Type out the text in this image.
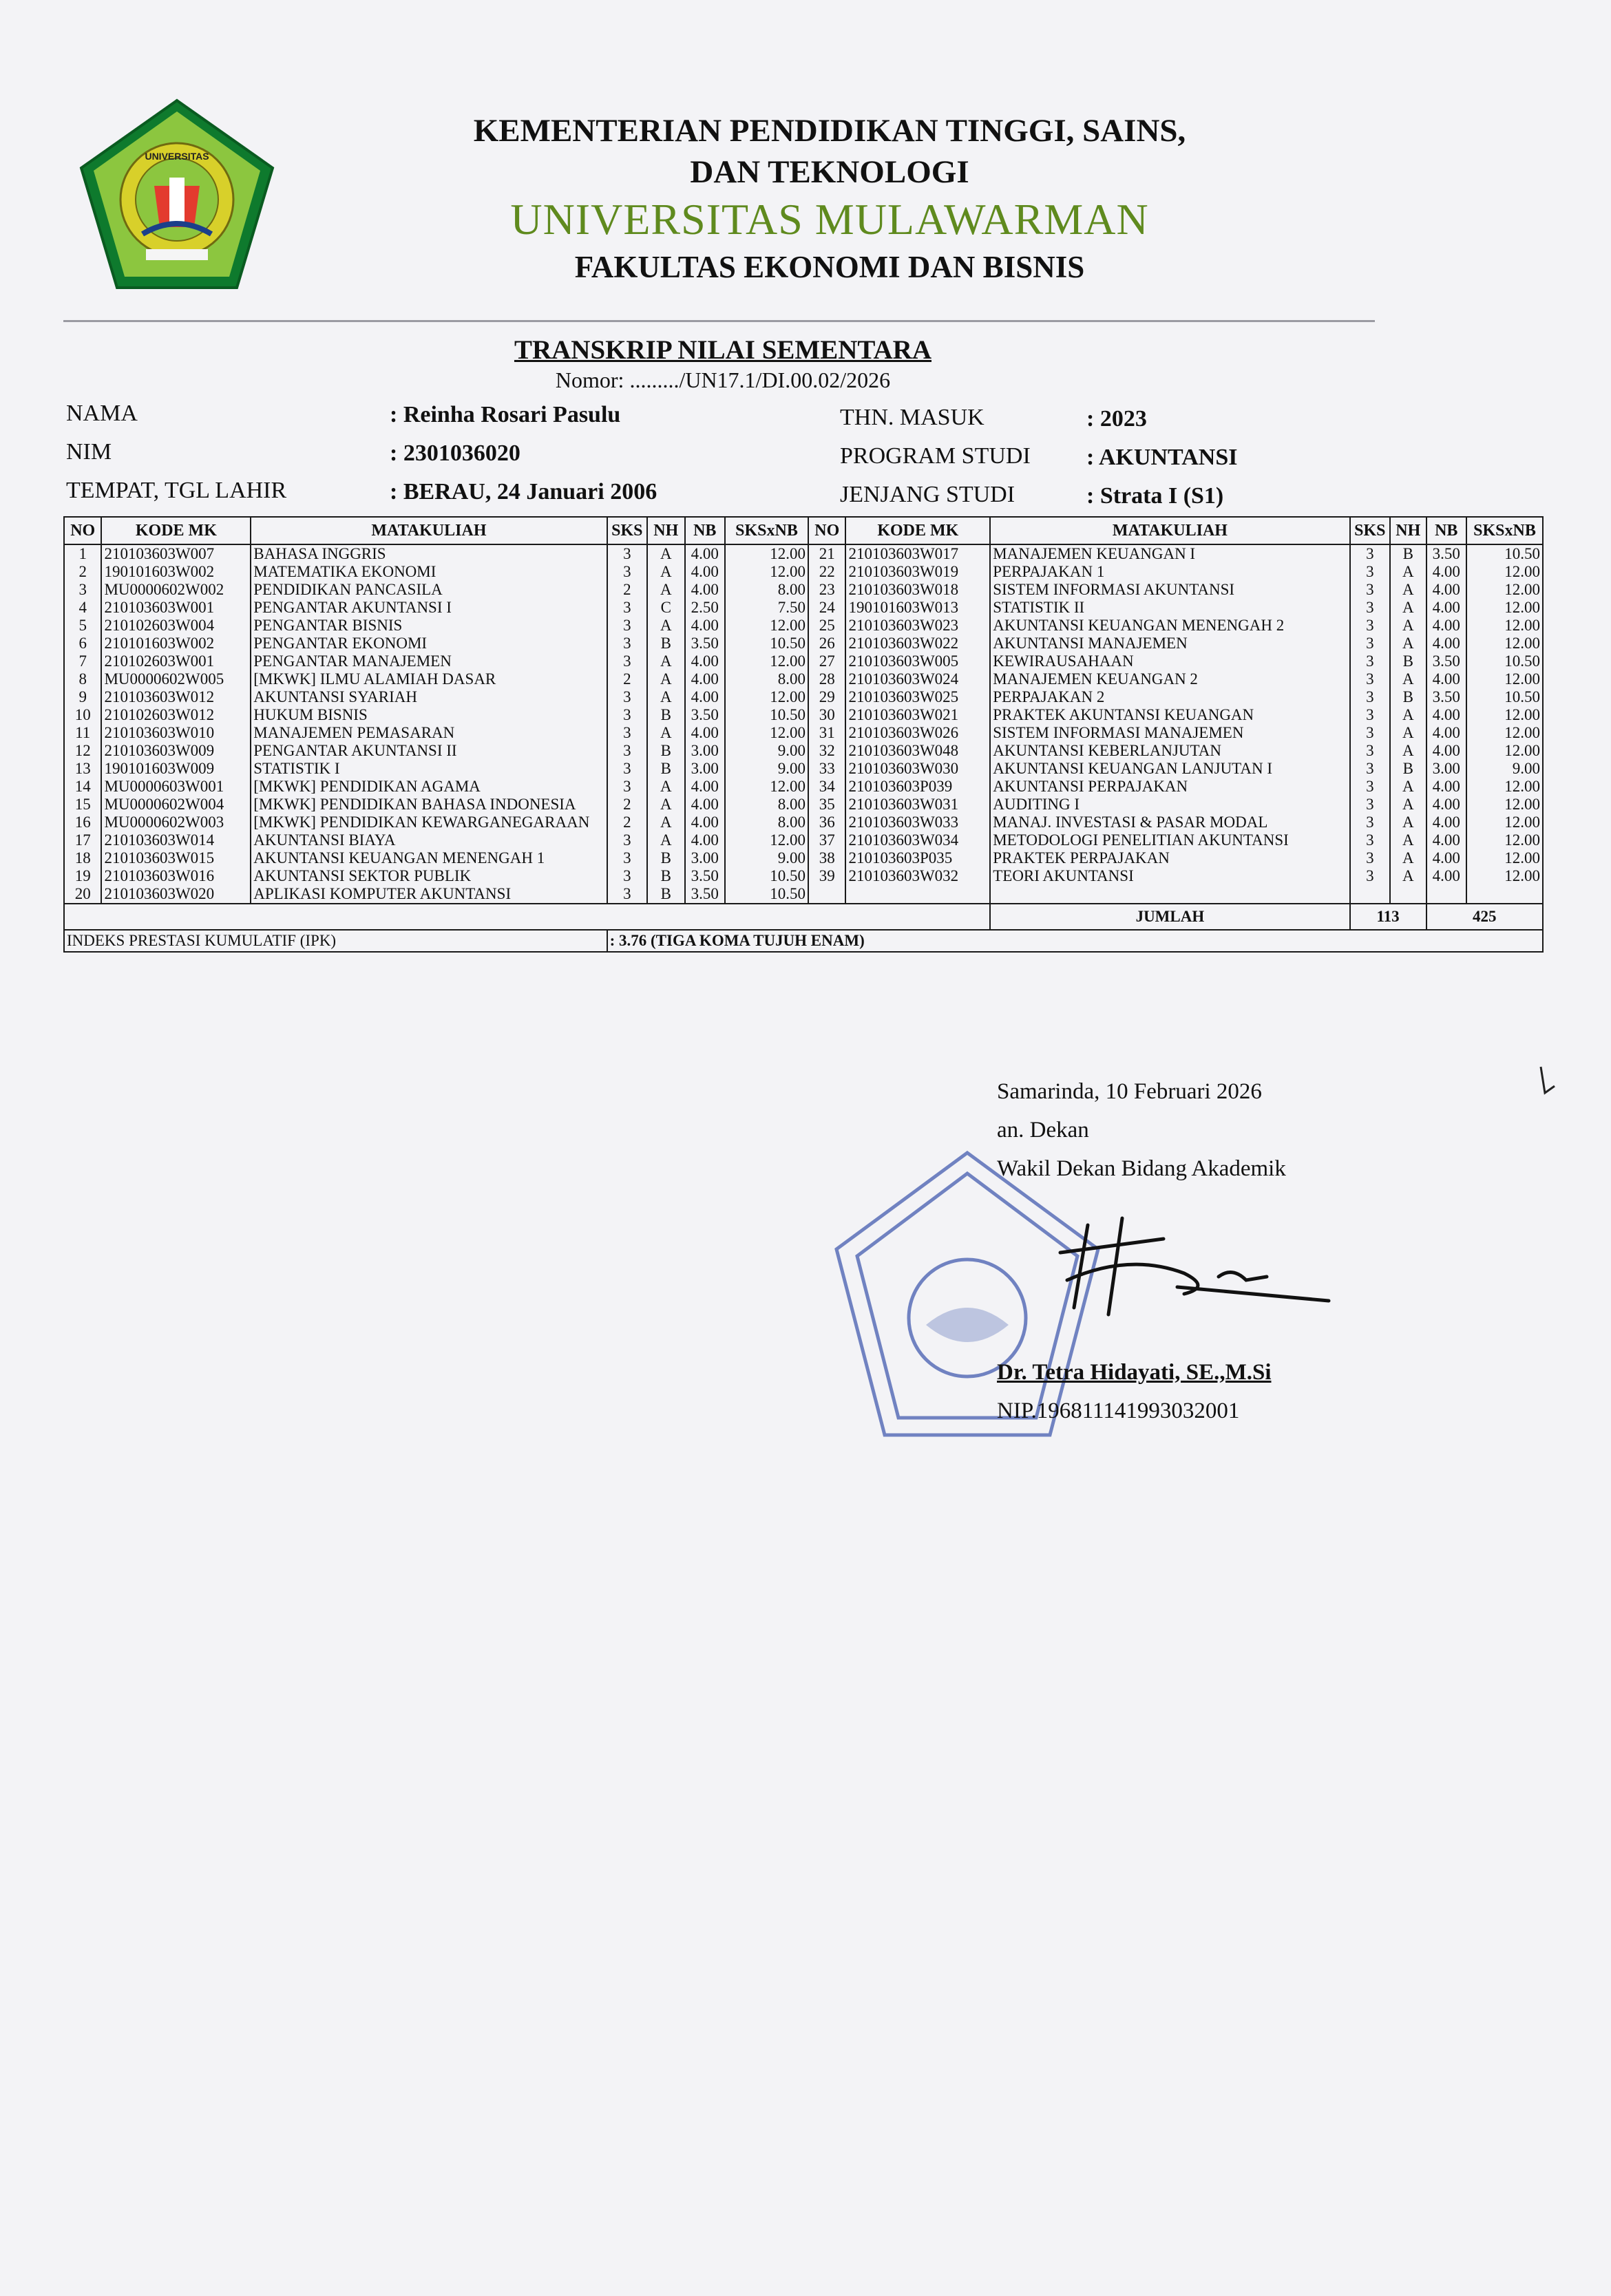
UNIVERSITAS
KEMENTERIAN PENDIDIKAN TINGGI, SAINS,
DAN TEKNOLOGI
UNIVERSITAS MULAWARMAN
FAKULTAS EKONOMI DAN BISNIS
TRANSKRIP NILAI SEMENTARA
Nomor: ........./UN17.1/DI.00.02/2026
NAMA	: Reinha Rosari Pasulu
NIM	: 2301036020
TEMPAT, TGL LAHIR	: BERAU, 24 Januari 2006
THN. MASUK	: 2023
PROGRAM STUDI : AKUNTANSI
JENJANG STUDI	: Strata I (S1)
NO	KODE MK	MATAKULIAH	SKS	NH	NB	SKSxNB	NO	KODE MK	MATAKULIAH	SKS	NH	NB	SKSxNB
1	210103603W007	BAHASA INGGRIS	3	A	4.00	12.00	21	210103603W017	MANAJEMEN KEUANGAN I	3	B	3.50	10.50
2	190101603W002	MATEMATIKA EKONOMI	3	A	4.00	12.00	22	210103603W019	PERPAJAKAN 1	3	A	4.00	12.00
3	MU0000602W002	PENDIDIKAN PANCASILA	2	A	4.00	8.00	23	210103603W018	SISTEM INFORMASI AKUNTANSI	3	A	4.00	12.00
4	210103603W001	PENGANTAR AKUNTANSI I	3	C	2.50	7.50	24	190101603W013	STATISTIK II	3	A	4.00	12.00
5	210102603W004	PENGANTAR BISNIS	3	A	4.00	12.00	25	210103603W023	AKUNTANSI KEUANGAN MENENGAH 2	3	A	4.00	12.00
6	210101603W002	PENGANTAR EKONOMI	3	B	3.50	10.50	26	210103603W022	AKUNTANSI MANAJEMEN	3	A	4.00	12.00
7	210102603W001	PENGANTAR MANAJEMEN	3	A	4.00	12.00	27	210103603W005	KEWIRAUSAHAAN	3	B	3.50	10.50
8	MU0000602W005	[MKWK] ILMU ALAMIAH DASAR	2	A	4.00	8.00	28	210103603W024	MANAJEMEN KEUANGAN 2	3	A	4.00	12.00
9	210103603W012	AKUNTANSI SYARIAH	3	A	4.00	12.00	29	210103603W025	PERPAJAKAN 2	3	B	3.50	10.50
10	210102603W012	HUKUM BISNIS	3	B	3.50	10.50	30	210103603W021	PRAKTEK AKUNTANSI KEUANGAN	3	A	4.00	12.00
11	210103603W010	MANAJEMEN PEMASARAN	3	A	4.00	12.00	31	210103603W026	SISTEM INFORMASI MANAJEMEN	3	A	4.00	12.00
12	210103603W009	PENGANTAR AKUNTANSI II	3	B	3.00	9.00	32	210103603W048	AKUNTANSI KEBERLANJUTAN	3	A	4.00	12.00
13	190101603W009	STATISTIK I	3	B	3.00	9.00	33	210103603W030	AKUNTANSI KEUANGAN LANJUTAN I	3	B	3.00	9.00
14	MU0000603W001	[MKWK] PENDIDIKAN AGAMA	3	A	4.00	12.00	34	210103603P039	AKUNTANSI PERPAJAKAN	3	A	4.00	12.00
15	MU0000602W004	[MKWK] PENDIDIKAN BAHASA INDONESIA	2	A	4.00	8.00	35	210103603W031	AUDITING I	3	A	4.00	12.00
16	MU0000602W003	[MKWK] PENDIDIKAN KEWARGANEGARAAN	2	A	4.00	8.00	36	210103603W033	MANAJ. INVESTASI & PASAR MODAL	3	A	4.00	12.00
17	210103603W014	AKUNTANSI BIAYA	3	A	4.00	12.00	37	210103603W034	METODOLOGI PENELITIAN AKUNTANSI	3	A	4.00	12.00
18	210103603W015	AKUNTANSI KEUANGAN MENENGAH 1	3	B	3.00	9.00	38	210103603P035	PRAKTEK PERPAJAKAN	3	A	4.00	12.00
19	210103603W016	AKUNTANSI SEKTOR PUBLIK	3	B	3.50	10.50	39	210103603W032	TEORI AKUNTANSI	3	A	4.00	12.00
20	210103603W020	APLIKASI KOMPUTER AKUNTANSI	3	B	3.50	10.50							
									JUMLAH	113		425	
INDEKS PRESTASI KUMULATIF (IPK)			: 3.76 (TIGA KOMA TUJUH ENAM)										
Samarinda, 10 Februari 2026
an. Dekan
Wakil Dekan Bidang Akademik
Dr. Tetra Hidayati, SE.,M.Si
NIP.196811141993032001
